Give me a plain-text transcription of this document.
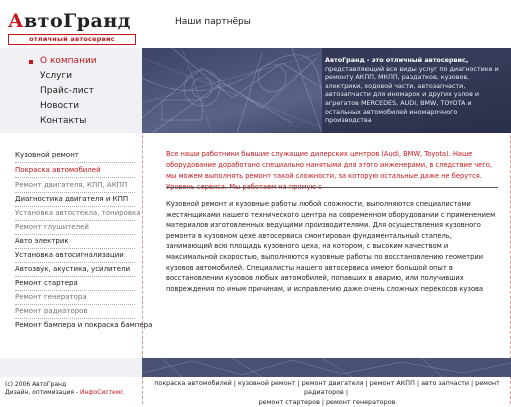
АвтоГранд
отличный автосервис
Наши партнёры
О компании
Услуги
Прайс-лист
Новости
Контакты
АвтоГранд - это отличный автосервис, представляющий все виды услуг по диагностике и ремонту АКПП, МКПП, раздатков, кузовов, электрики, ходовой части, автозапчасти, автозапчасти для иномарок и других узлов и агрегатов MERCEDES, AUDI, BMW, TOYOTA и остальных автомобилей иномарочного производства
Кузовной ремонт
Покраска автомобилей
Ремонт двигателя, КПП, АКПП
Диагностика двигателя и КПП
Установка автостекла, тонировка
Ремонт глушителей
Авто электрик
Установка автосигнализации
Автозвук, акустика, усилители
Ремонт стартера
Ремонт генератора
Ремонт радиаторов
Ремонт бампера и покраска бампера
Все наши работники бывшие служащие дилерских центров (Audi, BMW, Toyota). Наше оборудование доработано специально нанятыми для этого инженерами, в следствие чего, мы можем выполнять ремонт такой сложности, за которую остальные даже не берутся. Уровень сервиса. Мы работаем на прямую с
Кузовной ремонт и кузовные работы любой сложности, выполняются специалистами жестянщиками нашего технического центра на современном оборудовании с применением материалов изготовленных ведущими производителями. Для осуществления кузовного ремонта в кузовном цехе автосервиса смонтирован фундаментальный стапель, занимающий всю площадь кузовного цеха, на котором, с высоким качеством и максимальной скоростью, выполняются кузовные работы по восстановлению геометрии кузовов автомобилей. Специалисты нашего автосервиса имеют большой опыт в восстановлении кузовов любых автомобилей, попавших в аварию, или получивших повреждения по иным причинам, и исправлению даже очень сложных перекосов кузова
(c) 2006 АвтоГранд
Дизайн, оптимизация - ИнфоСистемс
покраска автомобилей | кузовной ремонт | ремонт двигателя | ремонт АКПП | авто запчасти | ремонт радиаторов |
ремонт стартеров | ремонт генераторов
